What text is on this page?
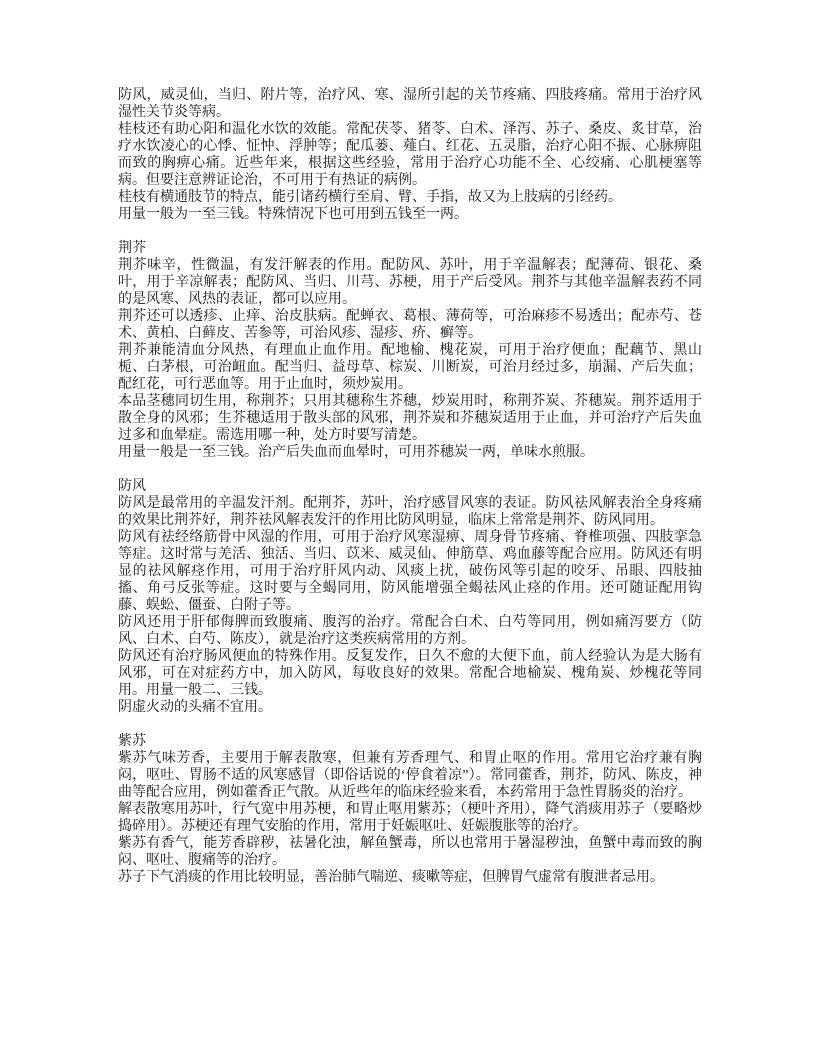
防风，威灵仙，当归、附片等，治疗风、寒、湿所引起的关节疼痛、四肢疼痛。常用于治疗风湿性关节炎等病。

桂枝还有助心阳和温化水饮的效能。常配茯苓、猪苓、白术、泽泻、苏子、桑皮、炙甘草，治疗水饮凌心的心悸、怔忡、浮肿等；配瓜蒌、薤白、红花、五灵脂，治疗心阳不振、心脉痹阻而致的胸痹心痛。近些年来，根据这些经验，常用于治疗心功能不全、心绞痛、心肌梗塞等病。但要注意辨证论治，不可用于有热证的病例。

桂枝有横通肢节的特点，能引诸药横行至肩、臂、手指，故又为上肢病的引经药。

用量一般为一至三钱。特殊情况下也可用到五钱至一两。

荆芥

荆芥味辛，性微温，有发汗解表的作用。配防风、苏叶，用于辛温解表；配薄荷、银花、桑叶，用于辛凉解表；配防风、当归、川芎、苏梗，用于产后受风。荆芥与其他辛温解表药不同的是风寒、风热的表证，都可以应用。

荆芥还可以透疹、止痒、治皮肤病。配蝉衣、葛根、薄荷等，可治麻疹不易透出；配赤芍、苍术、黄柏、白藓皮、苦参等，可治风疹、湿疹、疥、癣等。

荆芥兼能清血分风热，有理血止血作用。配地榆、槐花炭，可用于治疗便血；配藕节、黑山栀、白茅根，可治衄血。配当归、益母草、棕炭、川断炭，可治月经过多，崩漏、产后失血；配红花，可行恶血等。用于止血时，须炒炭用。

本品茎穗同切生用，称荆芥；只用其穗称生芥穗，炒炭用时，称荆芥炭、芥穗炭。荆芥适用于散全身的风邪；生芥穗适用于散头部的风邪，荆芥炭和芥穗炭适用于止血，并可治疗产后失血过多和血晕症。需选用哪一种，处方时要写清楚。

用量一般是一至三钱。治产后失血而血晕时，可用芥穗炭一两，单味水煎服。

防风

防风是最常用的辛温发汗剂。配荆芥，苏叶，治疗感冒风寒的表证。防风祛风解表治全身疼痛的效果比荆芥好，荆芥祛风解表发汗的作用比防风明显，临床上常常是荆芥、防风同用。

防风有祛经络筋骨中风湿的作用，可用于治疗风寒湿痹、周身骨节疼痛、脊椎项强、四肢挛急等症。这时常与羌活、独活、当归、苡米、威灵仙、伸筋草、鸡血藤等配合应用。防风还有明显的祛风解痉作用，可用于治疗肝风内动、风痰上扰，破伤风等引起的咬牙、吊眼、四肢抽搐、角弓反张等症。这时要与全蝎同用，防风能增强全蝎祛风止痉的作用。还可随证配用钩藤、蜈蚣、僵蚕、白附子等。

防风还用于肝郁侮脾而致腹痛、腹泻的治疗。常配合白术、白芍等同用，例如痛泻要方（防风、白术、白芍、陈皮），就是治疗这类疾病常用的方剂。

防风还有治疗肠风便血的特殊作用。反复发作，日久不愈的大便下血，前人经验认为是大肠有风邪，可在对症药方中，加入防风，每收良好的效果。常配合地榆炭、槐角炭、炒槐花等同用。用量一般二、三钱。

阴虚火动的头痛不宜用。

紫苏

紫苏气味芳香，主要用于解表散寒，但兼有芳香理气、和胃止呕的作用。常用它治疗兼有胸闷，呕吐、胃肠不适的风寒感冒（即俗话说的‘停食着凉”）。常同藿香，荆芥，防风、陈皮，神曲等配合应用，例如藿香正气散。从近些年的临床经验来看，本药常用于急性胃肠炎的治疗。

解表散寒用苏叶，行气宽中用苏梗，和胃止呕用紫苏；（梗叶齐用），降气消痰用苏子（要略炒捣碎用）。苏梗还有理气安胎的作用，常用于妊娠呕吐、妊娠腹胀等的治疗。

紫苏有香气，能芳香辟秽，祛暑化浊，解鱼蟹毒，所以也常用于暑湿秽浊，鱼蟹中毒而致的胸闷、呕吐、腹痛等的治疗。

苏子下气消痰的作用比较明显，善治肺气喘逆、痰嗽等症，但脾胃气虚常有腹泄者忌用。
